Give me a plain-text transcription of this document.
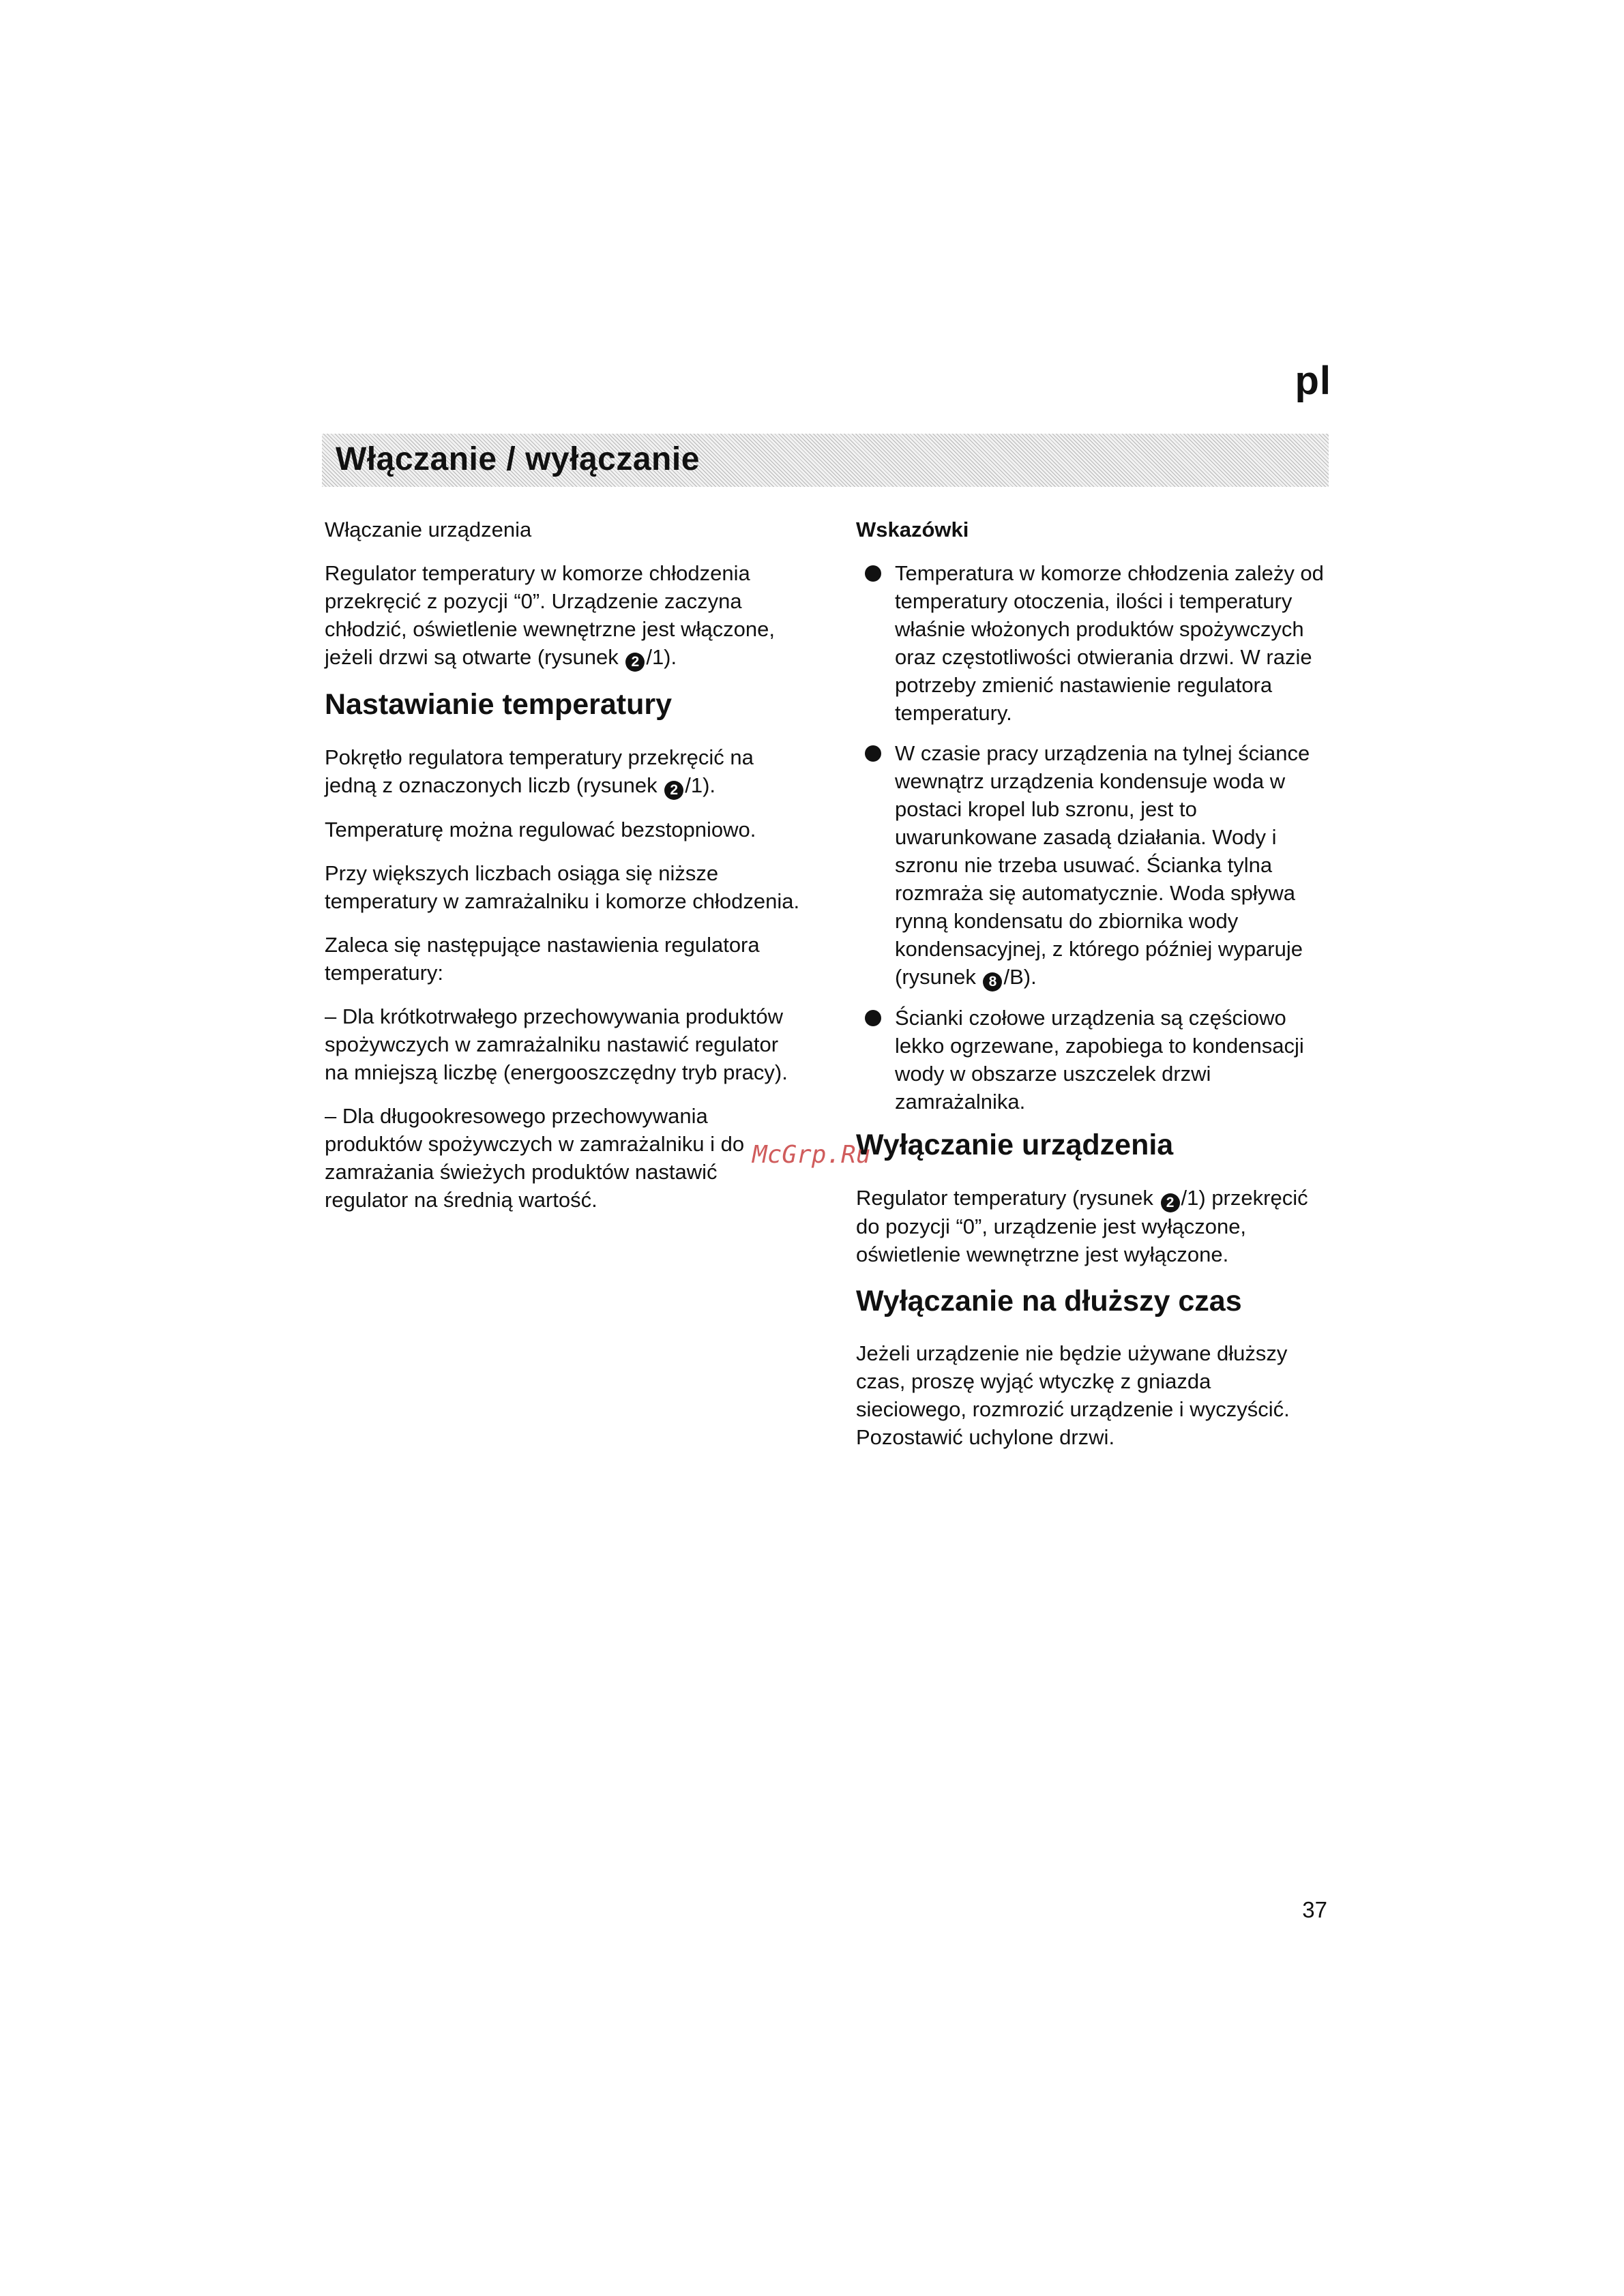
pl
Włączanie / wyłączanie
Włączanie urządzenia
Regulator temperatury w komorze chłodzenia przekręcić z pozycji “0”. Urządzenie zaczyna chłodzić, oświetlenie wewnętrzne jest włączone, jeżeli drzwi są otwarte (rysunek 2 /1).
Nastawianie temperatury
Pokrętło regulatora temperatury przekręcić na jedną z oznaczonych liczb (rysunek 2 /1).
Temperaturę można regulować bezstopniowo.
Przy większych liczbach osiąga się niższe temperatury w zamrażalniku i komorze chłodzenia.
Zaleca się następujące nastawienia regulatora temperatury:
– Dla krótkotrwałego przechowywania produktów spożywczych w zamrażalniku nastawić regulator na mniejszą liczbę (energooszczędny tryb pracy).
– Dla długookresowego przechowywania produktów spożywczych w zamrażalniku i do zamrażania świeżych produktów nastawić regulator na średnią wartość.
Wskazówki
Temperatura w komorze chłodzenia zależy od temperatury otoczenia, ilości i temperatury właśnie włożonych produktów spożywczych oraz częstotliwości otwierania drzwi. W razie potrzeby zmienić nastawienie regulatora temperatury.
W czasie pracy urządzenia na tylnej ściance wewnątrz urządzenia kondensuje woda w postaci kropel lub szronu, jest to uwarunkowane zasadą działania. Wody i szronu nie trzeba usuwać. Ścianka tylna rozmraża się automatycznie. Woda spływa rynną kondensatu do zbiornika wody kondensacyjnej, z którego później wyparuje (rysunek 8 /B).
Ścianki czołowe urządzenia są częściowo lekko ogrzewane, zapobiega to kondensacji wody w obszarze uszczelek drzwi zamrażalnika.
Wyłączanie urządzenia
Regulator temperatury (rysunek 2 /1) przekręcić do pozycji “0”, urządzenie jest wyłączone, oświetlenie wewnętrzne jest wyłączone.
Wyłączanie na dłuższy czas
Jeżeli urządzenie nie będzie używane dłuższy czas, proszę wyjąć wtyczkę z gniazda sieciowego, rozmrozić urządzenie i wyczyścić. Pozostawić uchylone drzwi.
McGrp.Ru
37
